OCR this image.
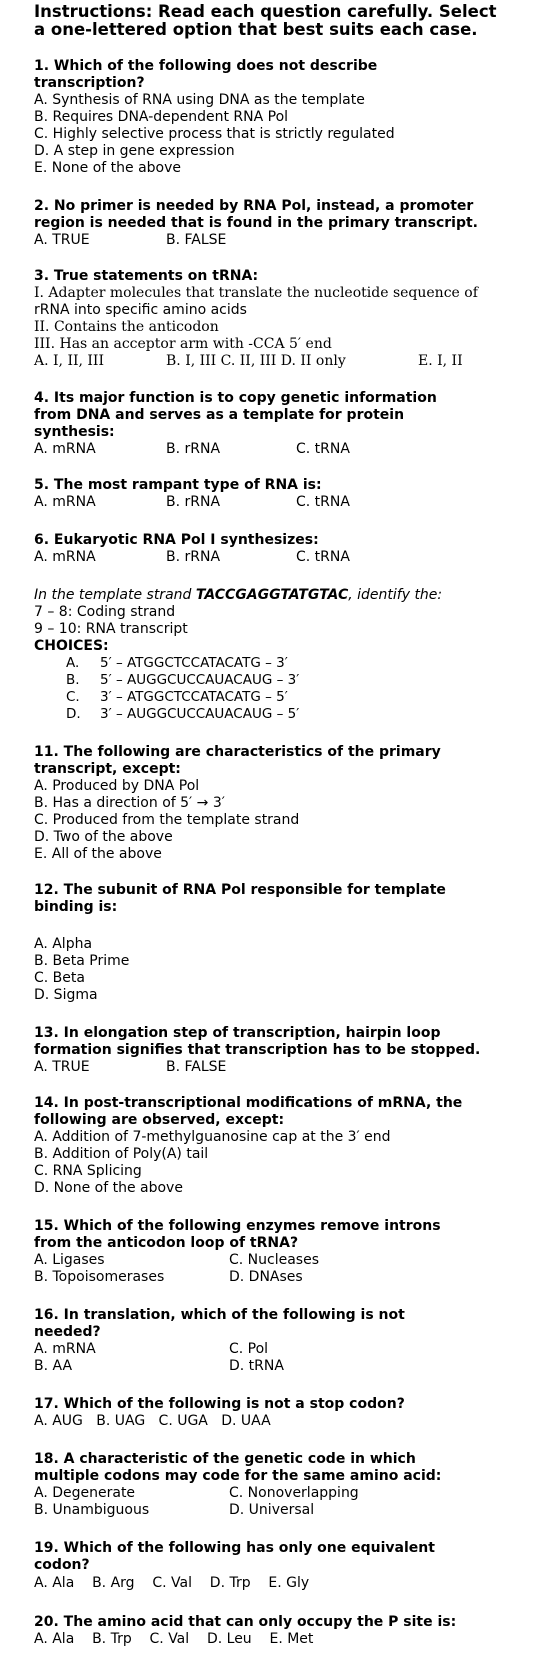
Instructions: Read each question carefully. Select
a one-lettered option that best suits each case.
1. Which of the following does not describe
transcription?
A. Synthesis of RNA using DNA as the template
B. Requires DNA-dependent RNA Pol
C. Highly selective process that is strictly regulated
D. A step in gene expression
E. None of the above
2. No primer is needed by RNA Pol, instead, a promoter
region is needed that is found in the primary transcript.
A. TRUE	B. FALSE
3. True statements on tRNA:
I. Adapter molecules that translate the nucleotide sequence of
rRNA into specific amino acids
II. Contains the anticodon
III. Has an acceptor arm with -CCA 5′ end
A. I, II, III	B. I, III C. II, III D. II only	E. I, II
4. Its major function is to copy genetic information
from DNA and serves as a template for protein
synthesis:
A. mRNA	B. rRNA	C. tRNA
5. The most rampant type of RNA is:
A. mRNA	B. rRNA	C. tRNA
6. Eukaryotic RNA Pol I synthesizes:
A. mRNA	B. rRNA	C. tRNA
In the template strand TACCGAGGTATGTAC, identify the:
7 – 8: Coding strand
9 – 10: RNA transcript
CHOICES:
A. 5′ – ATGGCTCCATACATG – 3′
B. 5′ – AUGGCUCCAUACAUG – 3′
C. 3′ – ATGGCTCCATACATG – 5′
D. 3′ – AUGGCUCCAUACAUG – 5′
11. The following are characteristics of the primary
transcript, except:
A. Produced by DNA Pol
B. Has a direction of 5′ → 3′
C. Produced from the template strand
D. Two of the above
E. All of the above
12. The subunit of RNA Pol responsible for template
binding is:
A. Alpha
B. Beta Prime
C. Beta
D. Sigma
13. In elongation step of transcription, hairpin loop
formation signifies that transcription has to be stopped.
A. TRUE	B. FALSE
14. In post-transcriptional modifications of mRNA, the
following are observed, except:
A. Addition of 7-methylguanosine cap at the 3′ end
B. Addition of Poly(A) tail
C. RNA Splicing
D. None of the above
15. Which of the following enzymes remove introns
from the anticodon loop of tRNA?
A. Ligases	C. Nucleases
B. Topoisomerases	D. DNAses
16. In translation, which of the following is not
needed?
A. mRNA	C. Pol
B. AA	D. tRNA
17. Which of the following is not a stop codon?
A. AUG   B. UAG   C. UGA   D. UAA
18. A characteristic of the genetic code in which
multiple codons may code for the same amino acid:
A. Degenerate	C. Nonoverlapping
B. Unambiguous	D. Universal
19. Which of the following has only one equivalent
codon?
A. Ala    B. Arg    C. Val    D. Trp    E. Gly
20. The amino acid that can only occupy the P site is:
A. Ala    B. Trp    C. Val    D. Leu    E. Met
